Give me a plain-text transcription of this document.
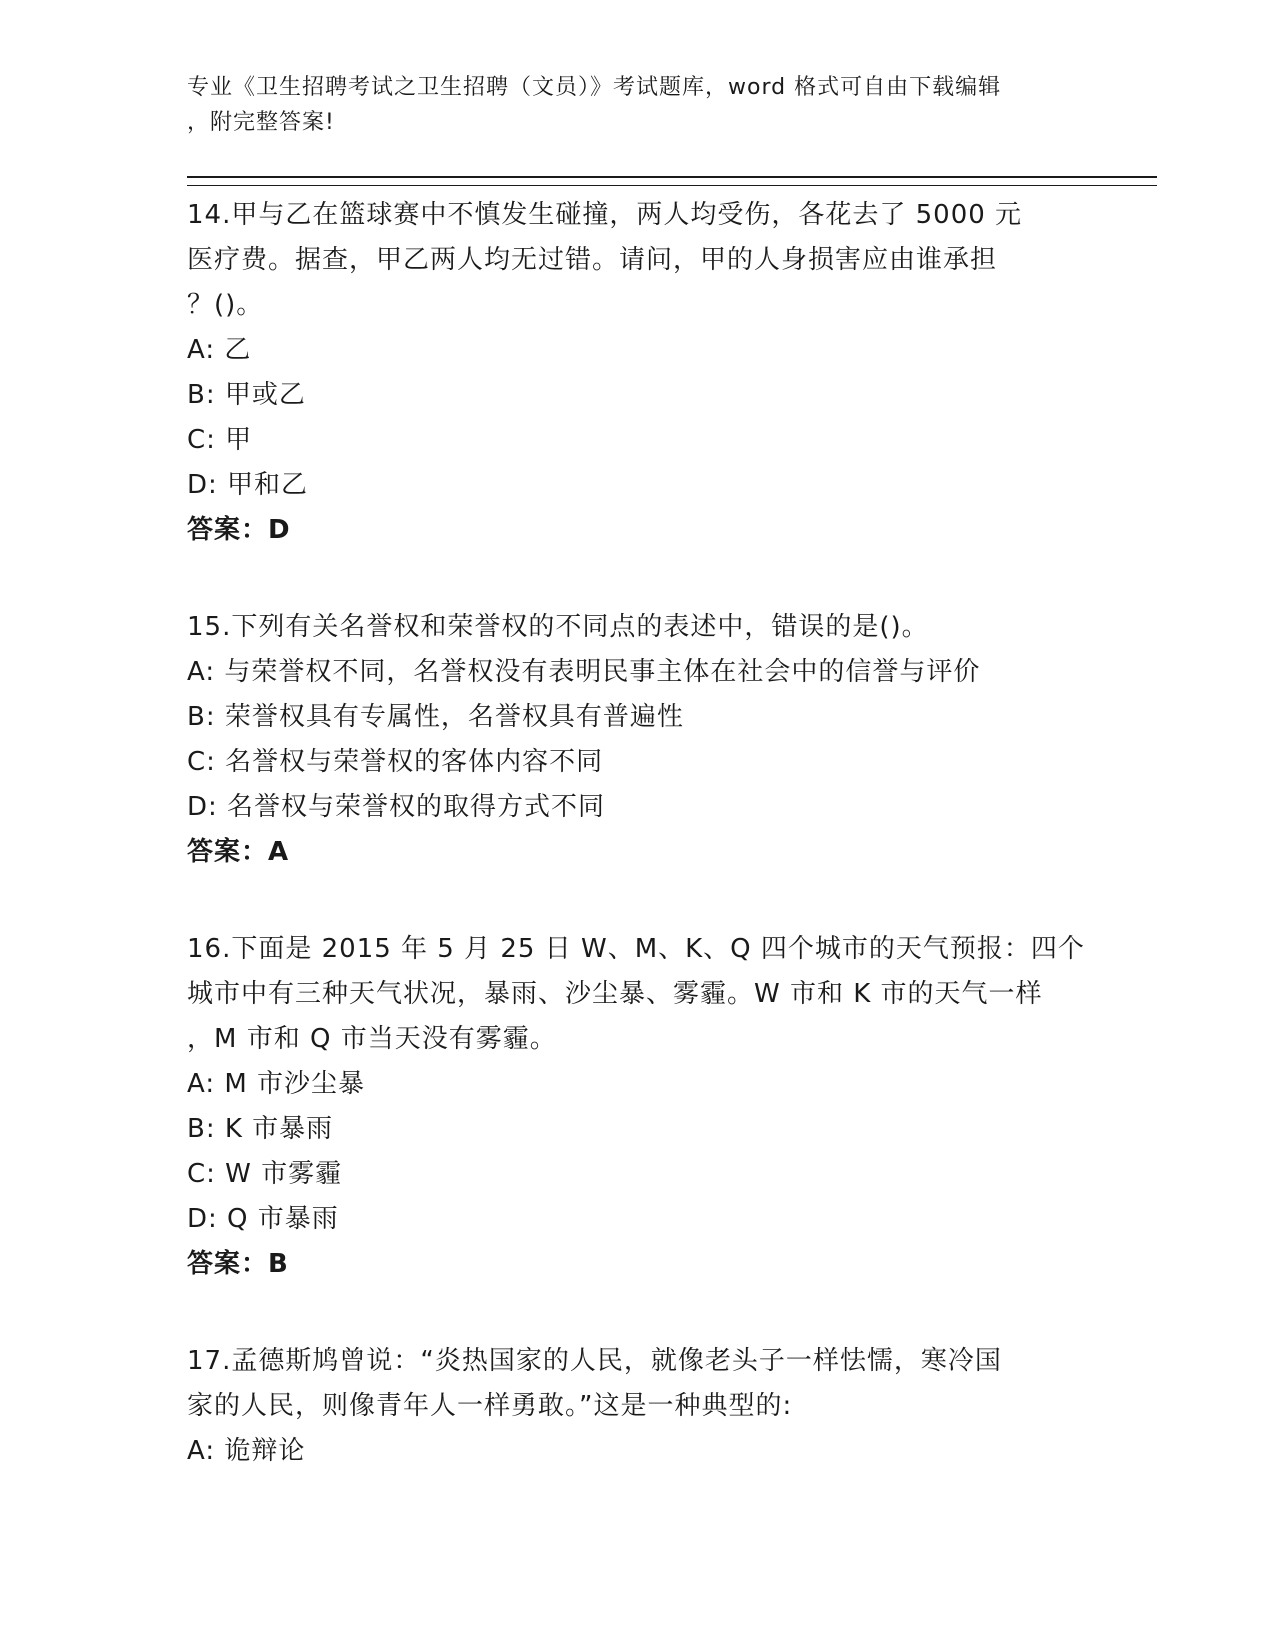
专业《卫生招聘考试之卫生招聘（文员）》考试题库，word 格式可自由下载编辑
，附完整答案!
14.甲与乙在篮球赛中不慎发生碰撞，两人均受伤，各花去了 5000 元
医疗费。据查，甲乙两人均无过错。请问，甲的人身损害应由谁承担
？()。
A: 乙
B: 甲或乙
C: 甲
D: 甲和乙
答案：D
15.下列有关名誉权和荣誉权的不同点的表述中，错误的是()。
A: 与荣誉权不同，名誉权没有表明民事主体在社会中的信誉与评价
B: 荣誉权具有专属性，名誉权具有普遍性
C: 名誉权与荣誉权的客体内容不同
D: 名誉权与荣誉权的取得方式不同
答案：A
16.下面是 2015 年 5 月 25 日 W、M、K、Q 四个城市的天气预报：四个
城市中有三种天气状况，暴雨、沙尘暴、雾霾。W 市和 K 市的天气一样
，M 市和 Q 市当天没有雾霾。
A: M 市沙尘暴
B: K 市暴雨
C: W 市雾霾
D: Q 市暴雨
答案：B
17.孟德斯鸠曾说：“炎热国家的人民，就像老头子一样怯懦，寒冷国
家的人民，则像青年人一样勇敢。”这是一种典型的:
A: 诡辩论
